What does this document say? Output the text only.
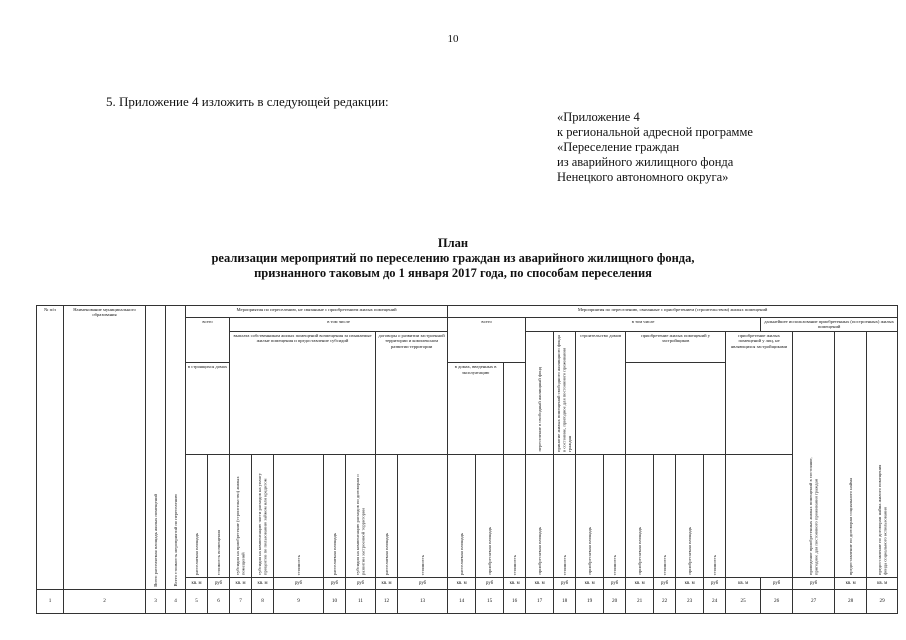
10
5. Приложение 4 изложить в следующей редакции:
«Приложение 4
к региональной адресной программе
«Переселение граждан
из аварийного жилищного фонда
Ненецкого автономного округа»
План
реализации мероприятий по переселению граждан из аварийного жилищного фонда,
признанного таковым до 1 января 2017 года, по способам переселения
№ п/п	Наименование муниципального образования	Всего расселяемая площадь жилых помещений	Всего стоимость мероприятий по переселению	Мероприятия по переселению, не связанные с приобретением жилых помещений									Мероприятия по переселению, связанные с приобретением (строительством) жилых помещений																
				всего		в том числе							всего			в том числе									дальнейшее использование приобретенных (построенных) жилых помещений				
						выплата собственникам жилых помещений возмещения за изымаемые жилые помещения и предоставление субсидий					договоры о развитии застроенной территории и комплексном развитии территории					переселение в свободный жилищный фонд	принятие жилых помещений свободного жилищного фонда в состояние, пригодное для постоянного проживания граждан	строительство домов		приобретение жилых помещений у застройщиков				приобретение жилых помещений у лиц, не являющихся застройщиками		проведение приобретенных жилых помещений в состояние, пригодное для постоянного проживания граждан	предоставление по договорам социального найма	предоставление по договорам найма жилого помещения фонда социального использования

				в строящихся домах									в домах, введенных в эксплуатацию																

				расселяемая площадь	стоимость возмещения	субсидия на приобретение (строительство) жилых помещений	субсидия на компенсацию части расходов на уплату процентов по пользованию займом или кредитом	стоимость	расселяемая площадь	субсидия на компенсацию расходов по договорам о развитии застроенной территории	расселяемая площадь	стоимость	расселяемая площадь	приобретаемая площадь	стоимость	приобретаемая площадь	стоимость	приобретаемая площадь	стоимость	приобретаемая площадь	стоимость	приобретаемая площадь	стоимость						

				кв. м	руб	кв. м	кв. м	руб	руб	руб	кв. м	руб	кв. м	руб	кв. м	кв. м	руб	кв. м	руб	кв. м	руб	кв. м	руб	кв. м	руб	руб	кв. м	кв. м		
1	2	3	4	5	6	7	8	9	10	11	12	13	14	15	16	17	18	19	20	21	22	23	24	25	26	27	28	29	
